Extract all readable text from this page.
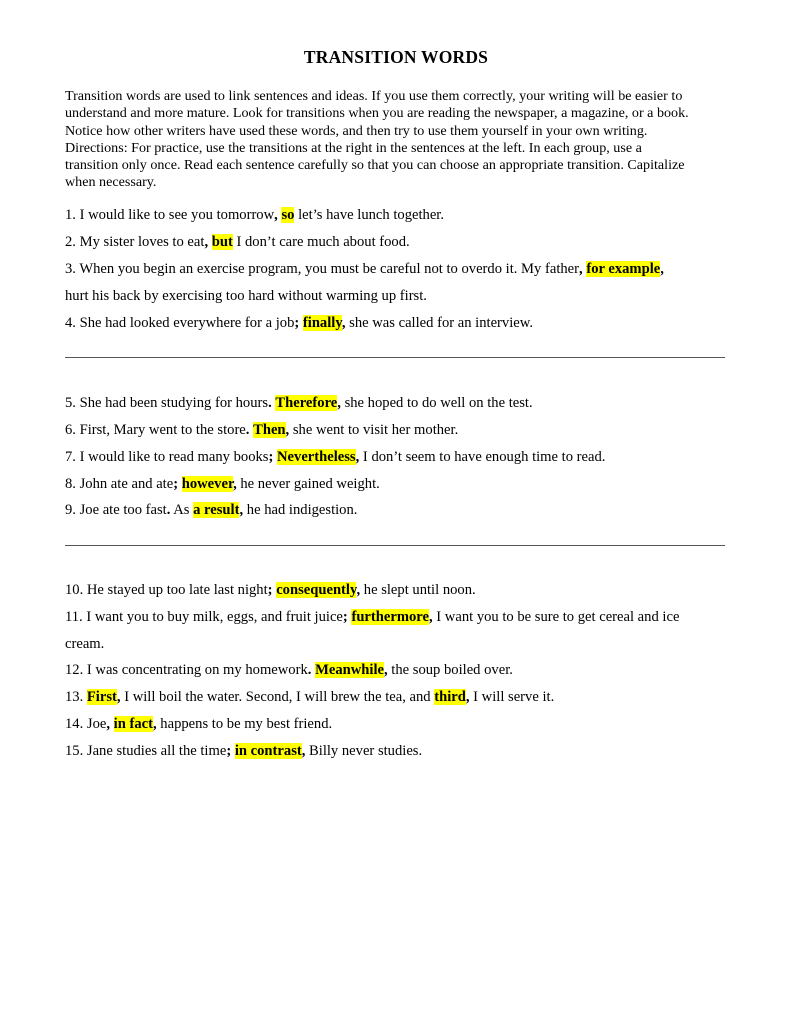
TRANSITION WORDS

Transition words are used to link sentences and ideas. If you use them correctly, your writing will be easier to
understand and more mature. Look for transitions when you are reading the newspaper, a magazine, or a book.
Notice how other writers have used these words, and then try to use them yourself in your own writing.
Directions: For practice, use the transitions at the right in the sentences at the left. In each group, use a
transition only once. Read each sentence carefully so that you can choose an appropriate transition. Capitalize
when necessary.

1. I would like to see you tomorrow, so let’s have lunch together.

2. My sister loves to eat, but I don’t care much about food.

3. When you begin an exercise program, you must be careful not to overdo it. My father, for example,

hurt his back by exercising too hard without warming up first.

4. She had looked everywhere for a job; finally, she was called for an interview.

5. She had been studying for hours. Therefore, she hoped to do well on the test.

6. First, Mary went to the store. Then, she went to visit her mother.

7. I would like to read many books; Nevertheless, I don’t seem to have enough time to read.

8. John ate and ate; however, he never gained weight.

9. Joe ate too fast. As a result, he had indigestion.

10. He stayed up too late last night; consequently, he slept until noon.

11. I want you to buy milk, eggs, and fruit juice; furthermore, I want you to be sure to get cereal and ice

cream.

12. I was concentrating on my homework. Meanwhile, the soup boiled over.

13. First, I will boil the water. Second, I will brew the tea, and third, I will serve it.

14. Joe, in fact, happens to be my best friend.

15. Jane studies all the time; in contrast, Billy never studies.
